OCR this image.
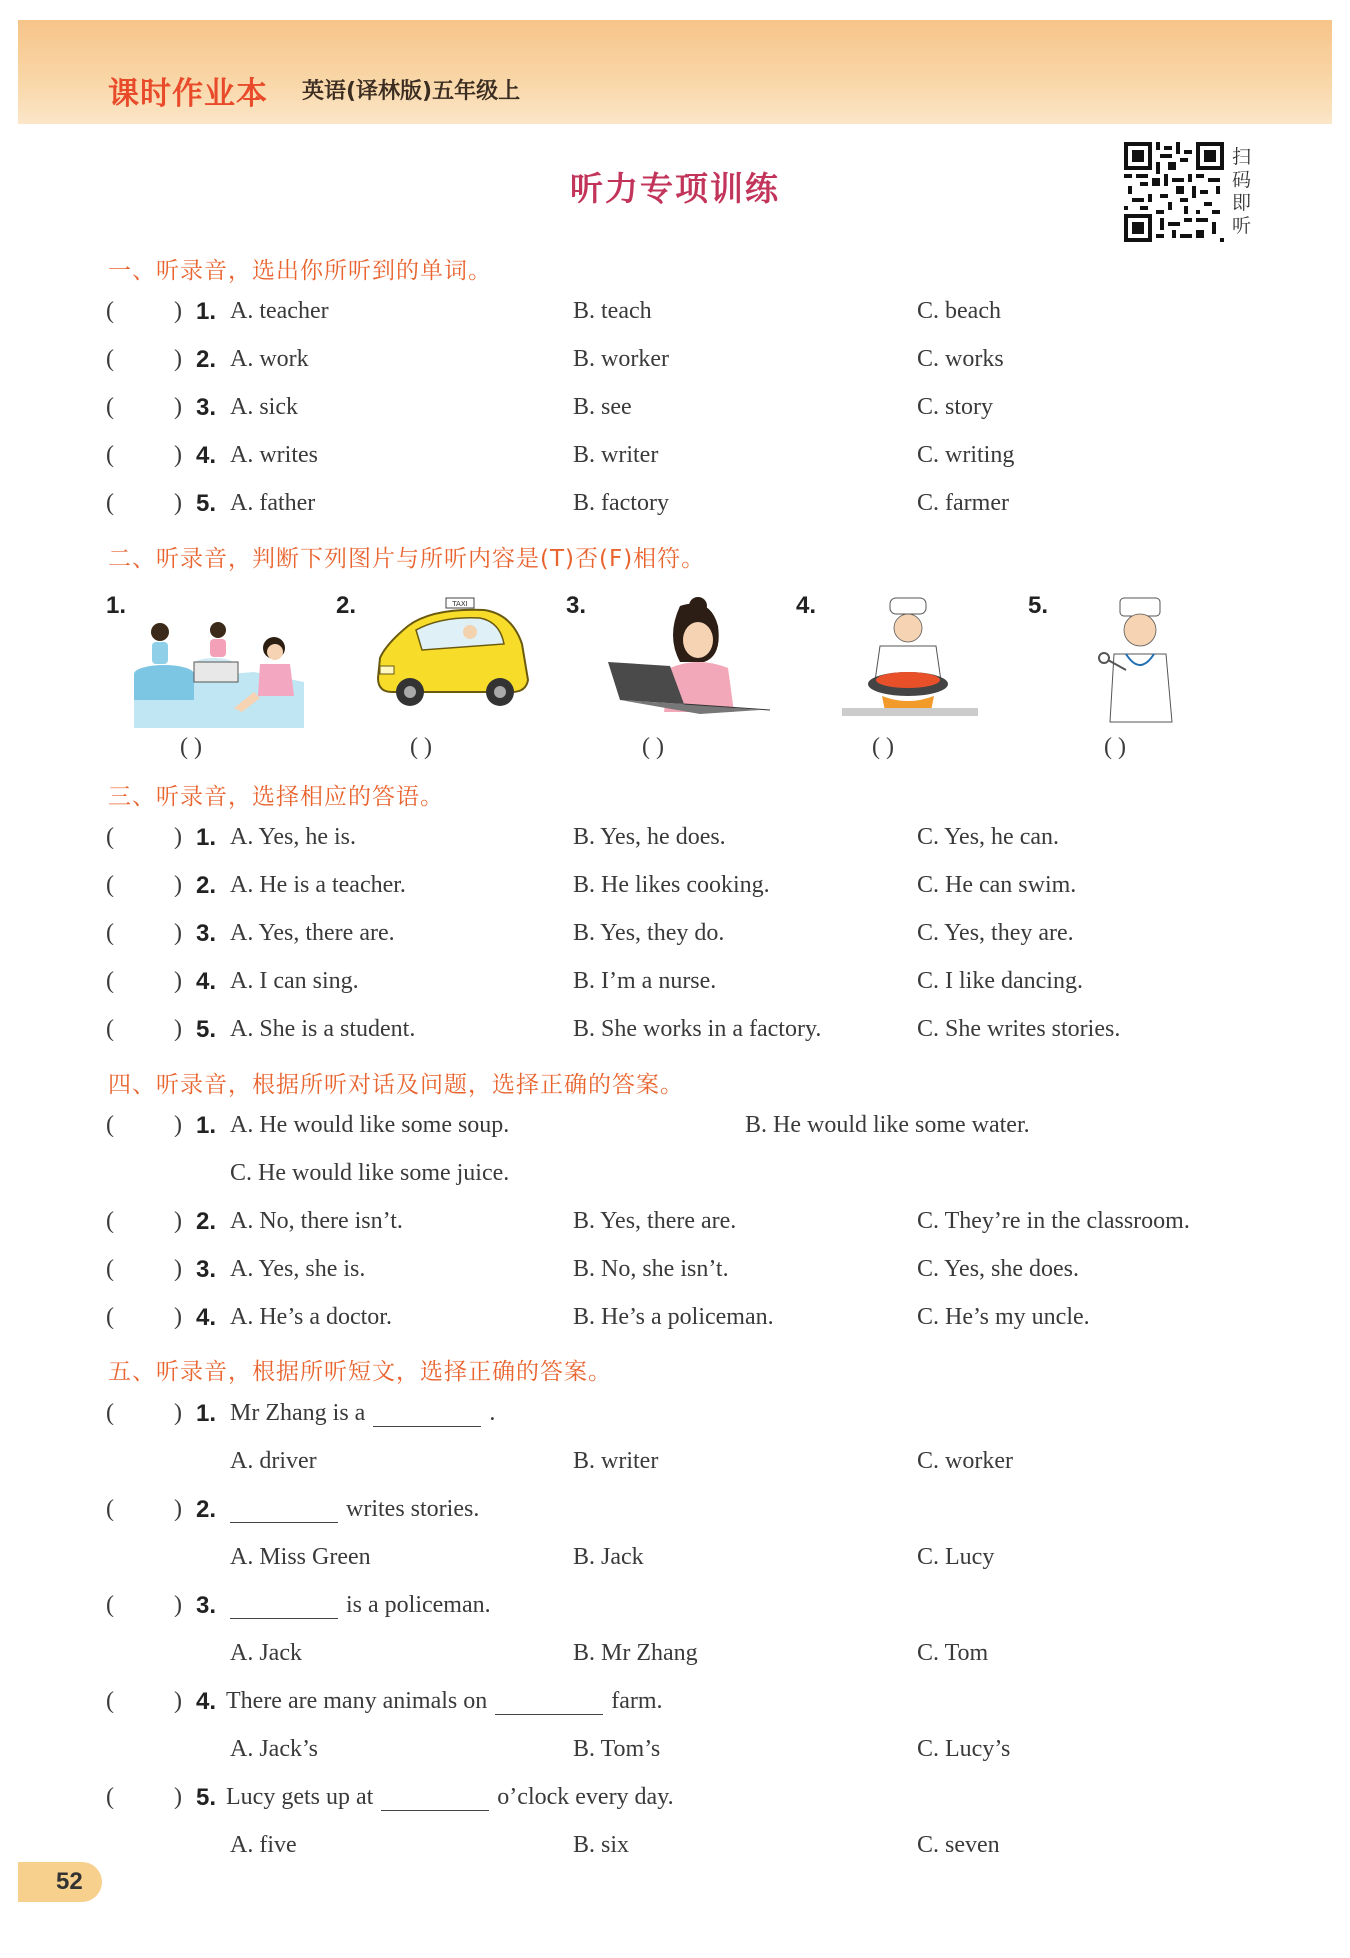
课时作业本 英语(译林版)五年级上
听力专项训练
扫
码
即
听
一、听录音，选出你所听到的单词。
(	) 1. A. teacher	B. teach	C. beach
(	) 2. A. work	B. worker	C. works
(	) 3. A. sick	B. see	C. story
(	) 4. A. writes	B. writer	C. writing
(	) 5. A. father	B. factory	C. farmer
二、听录音，判断下列图片与所听内容是(T)否(F)相符。
1.	2.	3.	4.	5.
TAXI
( )	( )	( )	( )	( )
三、听录音，选择相应的答语。
(	) 1. A. Yes, he is.	B. Yes, he does.	C. Yes, he can.
(	) 2. A. He is a teacher.	B. He likes cooking.	C. He can swim.
(	) 3. A. Yes, there are.	B. Yes, they do.	C. Yes, they are.
(	) 4. A. I can sing.	B. I’m a nurse.	C. I like dancing.
(	) 5. A. She is a student.	B. She works in a factory.	C. She writes stories.
四、听录音，根据所听对话及问题，选择正确的答案。
(	) 1. A. He would like some soup.	B. He would like some water.
C. He would like some juice.
(	) 2. A. No, there isn’t.	B. Yes, there are.	C. They’re in the classroom.
(	) 3. A. Yes, she is.	B. No, she isn’t.	C. Yes, she does.
(	) 4. A. He’s a doctor.	B. He’s a policeman.	C. He’s my uncle.
五、听录音，根据所听短文，选择正确的答案。
(	) 1. Mr Zhang is a	.
A. driver	B. writer	C. worker
(	) 2.	writes stories.
A. Miss Green	B. Jack	C. Lucy
(	) 3.	is a policeman.
A. Jack	B. Mr Zhang	C. Tom
(	) 4. There are many animals on	farm.
A. Jack’s	B. Tom’s	C. Lucy’s
(	) 5. Lucy gets up at	o’clock every day.
A. five	B. six	C. seven
52
